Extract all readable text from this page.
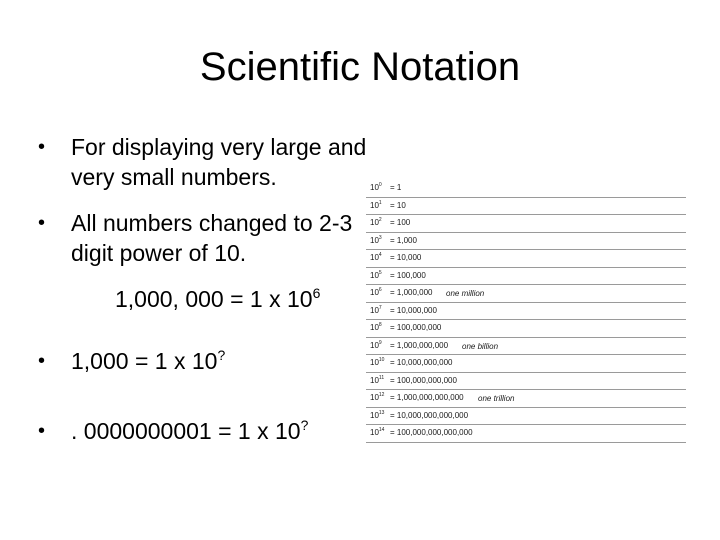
Scientific Notation
• For displaying very large and very small numbers.
• All numbers changed to 2-3 digit power of 10.
1,000, 000 = 1 x $10^6$
• 1,000 = 1 x 10?
• . 0000000001 = 1 x 10?
$10^0 = 1$
$10^1 = 10$
$10^2 = 100$
$10^3 = 1,000$
$10^4 = 10,000$
$10^5 = 100,000$
$10^6 = 1,000,000$ one million
$10^7 = 10,000,000$
$10^8 = 100,000,000$
$10^9 = 1,000,000,000$ one billion
$10^{10} = 10,000,000,000$
$10^{11} = 100,000,000,000$
$10^{12} = 1,000,000,000,000$ one trillion
$10^{13} = 10,000,000,000,000$
$10^{14} = 100,000,000,000,000$
